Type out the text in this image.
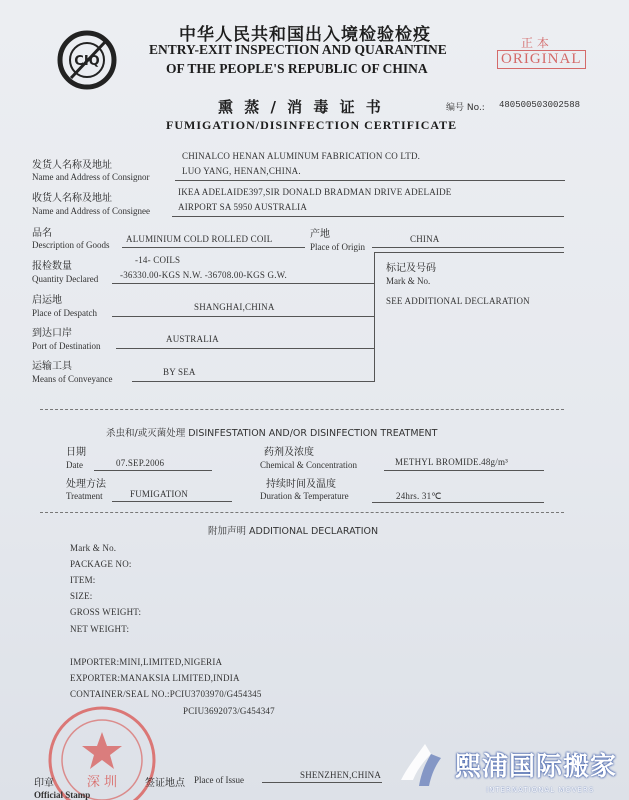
CIQ
中华人民共和国出入境检验检疫
ENTRY-EXIT INSPECTION AND QUARANTINE
OF THE PEOPLE'S REPUBLIC OF CHINA
正 本
ORIGINAL
熏 蒸 / 消 毒 证 书	编号 No.: 480500503002588
FUMIGATION/DISINFECTION CERTIFICATE
发货人名称及地址
Name and Address of Consignor
CHINALCO HENAN ALUMINUM FABRICATION CO LTD.
LUO YANG, HENAN,CHINA.
收货人名称及地址
Name and Address of Consignee
IKEA ADELAIDE397,SIR DONALD BRADMAN DRIVE ADELAIDE
AIRPORT SA 5950 AUSTRALIA
品名
Description of Goods
ALUMINIUM COLD ROLLED COIL	产地
Place of Origin
CHINA
报检数量
Quantity Declared
-14- COILS
-36330.00-KGS N.W. -36708.00-KGS G.W.
标记及号码
Mark & No.
SEE ADDITIONAL DECLARATION
启运地
Place of Despatch
SHANGHAI,CHINA
到达口岸
Port of Destination
AUSTRALIA
运输工具
Means of Conveyance
BY SEA
杀虫和/或灭菌处理 DISINFESTATION AND/OR DISINFECTION TREATMENT
日期
Date	07.SEP.2006
药剂及浓度
Chemical & Concentration	METHYL BROMIDE.48g/m³
处理方法
Treatment	FUMIGATION
持续时间及温度
Duration & Temperature	24hrs. 31℃
附加声明 ADDITIONAL DECLARATION
Mark & No.
PACKAGE NO:
ITEM:
SIZE:
GROSS WEIGHT:
NET WEIGHT:
IMPORTER:MINI,LIMITED,NIGERIA
EXPORTER:MANAKSIA LIMITED,INDIA
CONTAINER/SEAL NO.:PCIU3703970/G454345
PCIU3692073/G454347
深 圳
印章
Official Stamp
签证地点 Place of Issue	SHENZHEN,CHINA	熙浦国际搬家
INTERNATIONAL MOVERS
